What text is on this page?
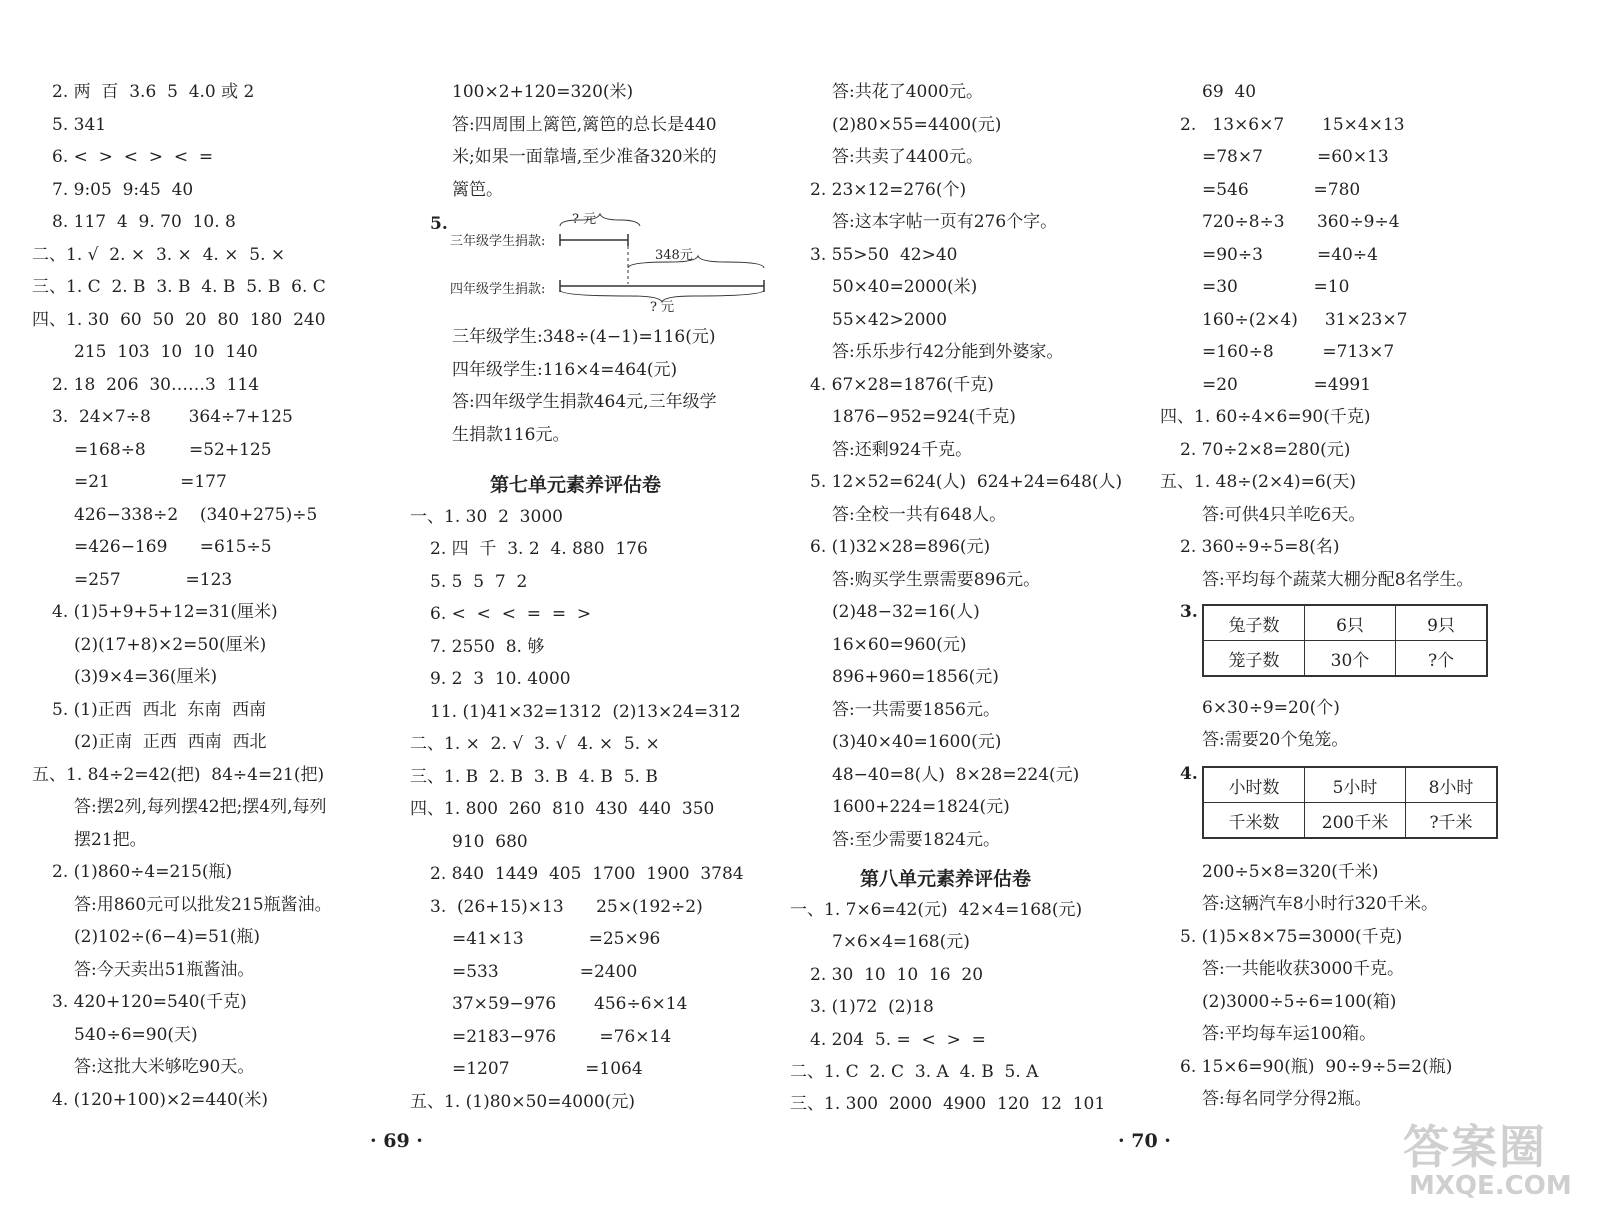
2. 两  百  3.6  5  4.0 或 2
5. 341
6. <  >  <  >  <  =
7. 9:05  9:45  40
8. 117  4  9. 70  10. 8
二、1. √  2. ×  3. ×  4. ×  5. ×
三、1. C  2. B  3. B  4. B  5. B  6. C
四、1. 30  60  50  20  80  180  240
215  103  10  10  140
2. 18  206  30……3  114
3.  24×7÷8       364÷7+125
=168÷8        =52+125
=21             =177
426−338÷2    (340+275)÷5
=426−169      =615÷5
=257            =123
4. (1)5+9+5+12=31(厘米)
(2)(17+8)×2=50(厘米)
(3)9×4=36(厘米)
5. (1)正西  西北  东南  西南
(2)正南  正西  西南  西北
五、1. 84÷2=42(把)  84÷4=21(把)
答:摆2列,每列摆42把;摆4列,每列
摆21把。
2. (1)860÷4=215(瓶)
答:用860元可以批发215瓶酱油。
(2)102÷(6−4)=51(瓶)
答:今天卖出51瓶酱油。
3. 420+120=540(千克)
540÷6=90(天)
答:这批大米够吃90天。
4. (120+100)×2=440(米)
100×2+120=320(米)
答:四周围上篱笆,篱笆的总长是440
米;如果一面靠墙,至少准备320米的
篱笆。
5.	? 元
三年级学生捐款:
四年级学生捐款:
348元
? 元
三年级学生:348÷(4−1)=116(元)
四年级学生:116×4=464(元)
答:四年级学生捐款464元,三年级学
生捐款116元。
第七单元素养评估卷
一、1. 30  2  3000
2. 四  千  3. 2  4. 880  176
5. 5  5  7  2
6. <  <  <  =  =  >
7. 2550  8. 够
9. 2  3  10. 4000
11. (1)41×32=1312  (2)13×24=312
二、1. ×  2. √  3. √  4. ×  5. ×
三、1. B  2. B  3. B  4. B  5. B
四、1. 800  260  810  430  440  350
910  680
2. 840  1449  405  1700  1900  3784
3.  (26+15)×13      25×(192÷2)
=41×13            =25×96
=533               =2400
37×59−976       456÷6×14
=2183−976        =76×14
=1207              =1064
五、1. (1)80×50=4000(元)
答:共花了4000元。
(2)80×55=4400(元)
答:共卖了4400元。
2. 23×12=276(个)
答:这本字帖一页有276个字。
3. 55>50  42>40
50×40=2000(米)
55×42>2000
答:乐乐步行42分能到外婆家。
4. 67×28=1876(千克)
1876−952=924(千克)
答:还剩924千克。
5. 12×52=624(人)  624+24=648(人)
答:全校一共有648人。
6. (1)32×28=896(元)
答:购买学生票需要896元。
(2)48−32=16(人)
16×60=960(元)
896+960=1856(元)
答:一共需要1856元。
(3)40×40=1600(元)
48−40=8(人)  8×28=224(元)
1600+224=1824(元)
答:至少需要1824元。
第八单元素养评估卷
一、1. 7×6=42(元)  42×4=168(元)
7×6×4=168(元)
2. 30  10  10  16  20
3. (1)72  (2)18
4. 204  5. =  <  >  =
二、1. C  2. C  3. A  4. B  5. A
三、1. 300  2000  4900  120  12  101
69  40
2.   13×6×7       15×4×13
=78×7          =60×13
=546            =780
720÷8÷3      360÷9÷4
=90÷3          =40÷4
=30              =10
160÷(2×4)     31×23×7
=160÷8         =713×7
=20              =4991
四、1. 60÷4×6=90(千克)
2. 70÷2×8=280(元)
五、1. 48÷(2×4)=6(天)
答:可供4只羊吃6天。
2. 360÷9÷5=8(名)
答:平均每个蔬菜大棚分配8名学生。
3.
兔子数	6只	9只
笼子数	30个	?个
6×30÷9=20(个)
答:需要20个兔笼。
4.
小时数	5小时	8小时
千米数	200千米	?千米
200÷5×8=320(千米)
答:这辆汽车8小时行320千米。
5. (1)5×8×75=3000(千克)
答:一共能收获3000千克。
(2)3000÷5÷6=100(箱)
答:平均每车运100箱。
6. 15×6=90(瓶)  90÷9÷5=2(瓶)
答:每名同学分得2瓶。
· 69 ·	· 70 ·	答案圈
MXQE.COM
